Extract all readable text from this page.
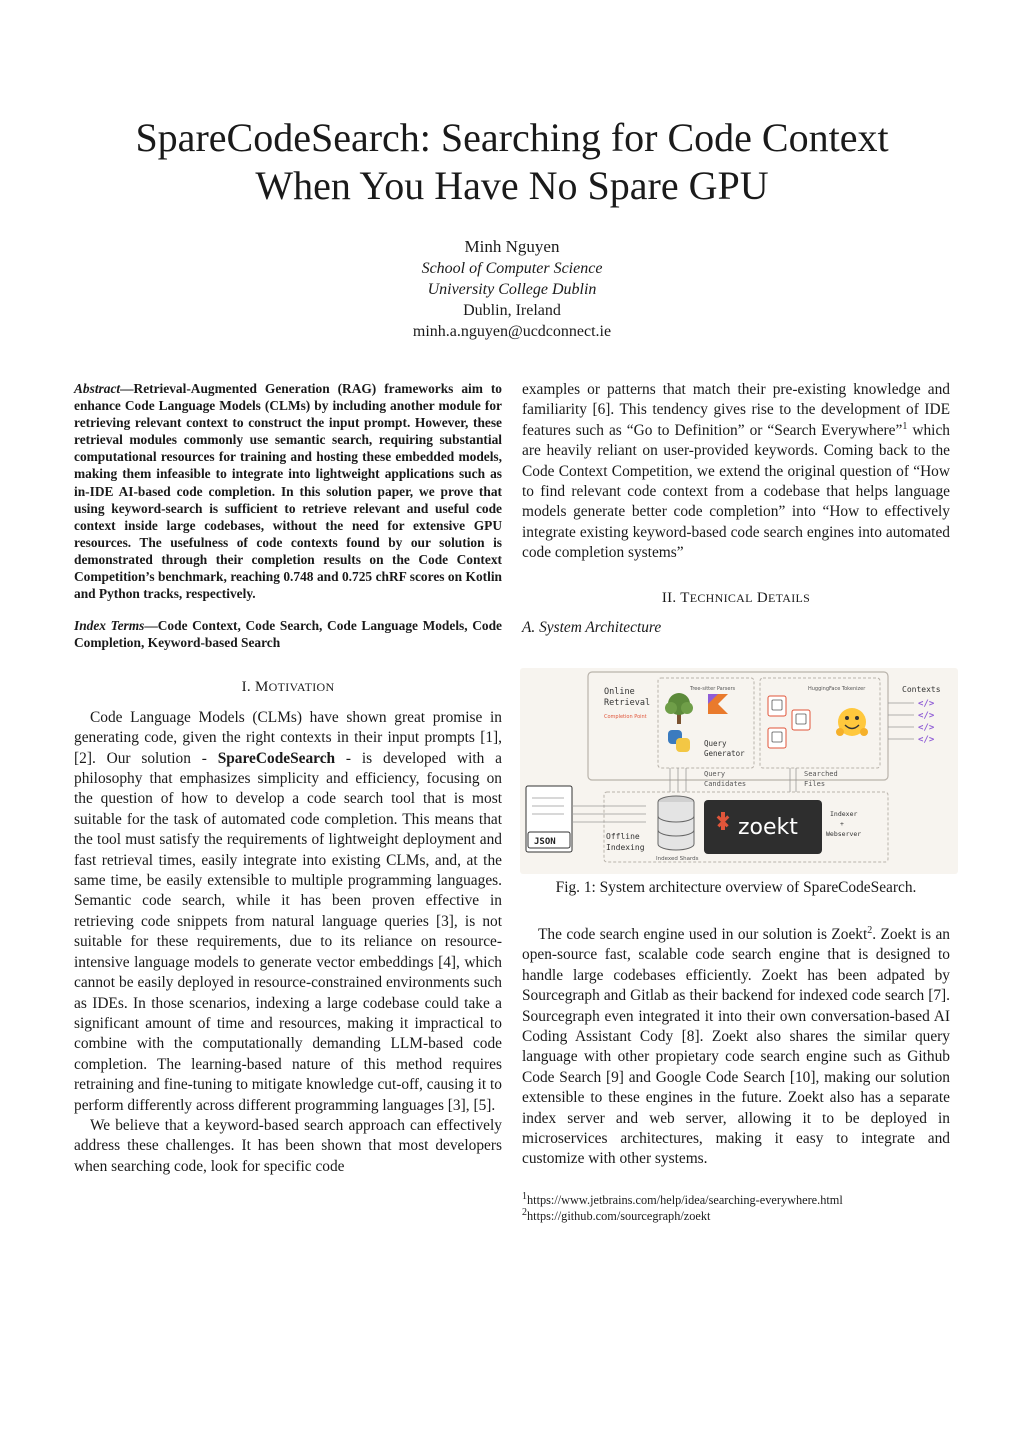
SpareCodeSearch: Searching for Code Context
When You Have No Spare GPU
Minh Nguyen
School of Computer Science
University College Dublin
Dublin, Ireland
minh.a.nguyen@ucdconnect.ie
Abstract—Retrieval-Augmented Generation (RAG) frameworks aim to enhance Code Language Models (CLMs) by including another module for retrieving relevant context to construct the input prompt. However, these retrieval modules commonly use semantic search, requiring substantial computational resources for training and hosting these embedded models, making them infeasible to integrate into lightweight applications such as in-IDE AI-based code completion. In this solution paper, we prove that using keyword-search is sufficient to retrieve relevant and useful code context inside large codebases, without the need for extensive GPU resources. The usefulness of code contexts found by our solution is demonstrated through their completion results on the Code Context Competition’s benchmark, reaching 0.748 and 0.725 chRF scores on Kotlin and Python tracks, respectively.
Index Terms—Code Context, Code Search, Code Language Models, Code Completion, Keyword-based Search
I. MOTIVATION

Code Language Models (CLMs) have shown great promise in generating code, given the right contexts in their input prompts [1], [2]. Our solution - SpareCodeSearch - is developed with a philosophy that emphasizes simplicity and efficiency, focusing on the question of how to develop a code search tool that is most suitable for the task of automated code completion. This means that the tool must satisfy the requirements of lightweight deployment and fast retrieval times, easily integrate into existing CLMs, and, at the same time, be easily extensible to multiple programming languages. Semantic code search, while it has been proven effective in retrieving code snippets from natural language queries [3], is not suitable for these requirements, due to its reliance on resource-intensive language models to generate vector embeddings [4], which cannot be easily deployed in resource-constrained environments such as IDEs. In those scenarios, indexing a large codebase could take a significant amount of time and resources, making it impractical to combine with the computationally demanding LLM-based code completion. The learning-based nature of this method requires retraining and fine-tuning to mitigate knowledge cut-off, causing it to perform differently across different programming languages [3], [5].

We believe that a keyword-based search approach can effectively address these challenges. It has been shown that most developers when searching code, look for specific code

examples or patterns that match their pre-existing knowledge and familiarity [6]. This tendency gives rise to the development of IDE features such as “Go to Definition” or “Search Everywhere”$^1$ which are heavily reliant on user-provided keywords. Coming back to the Code Context Competition, we extend the original question of “How to find relevant code context from a codebase that helps language models generate better code completion” into “How to effectively integrate existing keyword-based code search engines into automated code completion systems”

II. TECHNICAL DETAILS
A. System Architecture
Online
Retrieval
Completion Point
Tree-sitter Parsers
Query
Generator
HuggingFace Tokenizer	Contexts
</>
</>
</>
</>
Query
Candidates
Searched
Files
Offline
Indexing
JSON
Indexed Shards
zoekt
Indexer
+
Webserver
Fig. 1: System architecture overview of SpareCodeSearch.

The code search engine used in our solution is Zoekt$^2$. Zoekt is an open-source fast, scalable code search engine that is designed to handle large codebases efficiently. Zoekt has been adpated by Sourcegraph and Gitlab as their backend for indexed code search [7]. Sourcegraph even integrated it into their own conversation-based AI Coding Assistant Cody [8]. Zoekt also shares the similar query language with other propietary code search engine such as Github Code Search [9] and Google Code Search [10], making our solution extensible to these engines in the future. Zoekt also has a separate index server and web server, allowing it to be deployed in microservices architectures, making it easy to integrate and customize with other systems.

$^1$https://www.jetbrains.com/help/idea/searching-everywhere.html
$^2$https://github.com/sourcegraph/zoekt
